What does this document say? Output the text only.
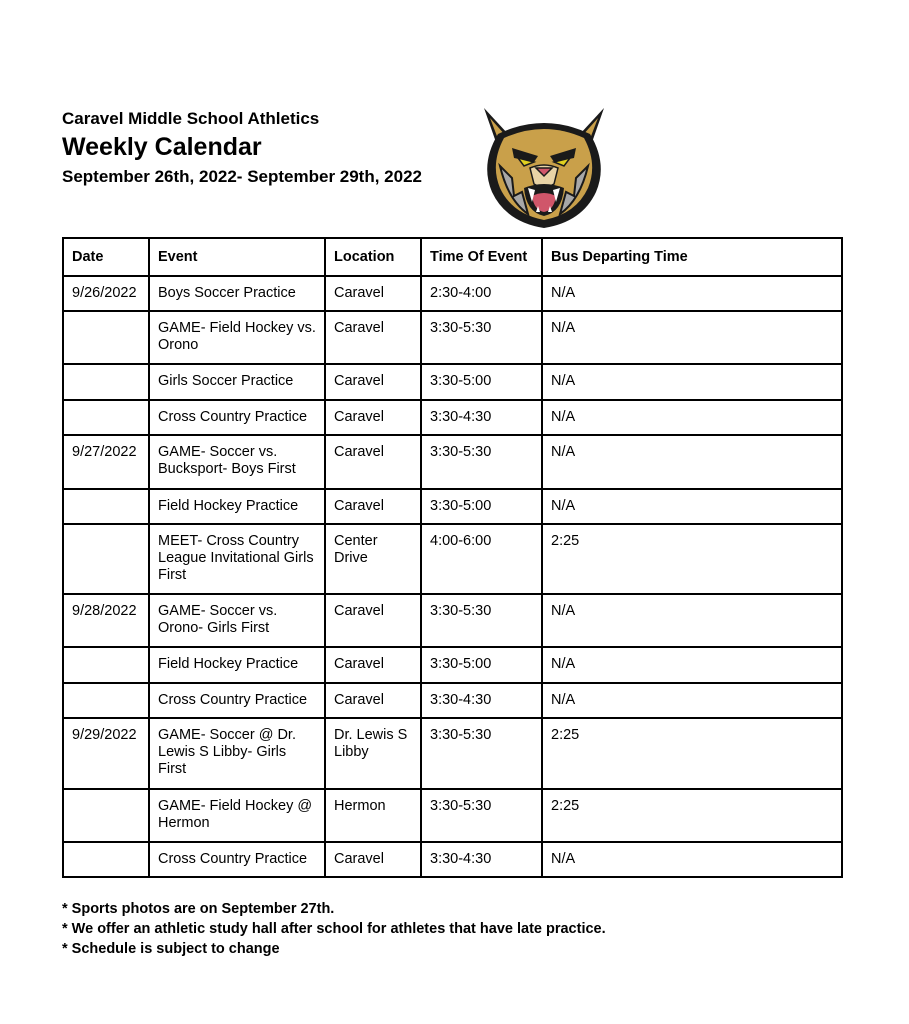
Caravel Middle School Athletics
Weekly Calendar
September 26th, 2022- September 29th, 2022
Date	Event	Location	Time Of Event	Bus Departing Time
9/26/2022	Boys Soccer Practice	Caravel	2:30-4:00	N/A
	GAME- Field Hockey vs. Orono	Caravel	3:30-5:30	N/A
	Girls Soccer Practice	Caravel	3:30-5:00	N/A
	Cross Country Practice	Caravel	3:30-4:30	N/A
9/27/2022	GAME- Soccer vs. Bucksport- Boys First	Caravel	3:30-5:30	N/A
	Field Hockey Practice	Caravel	3:30-5:00	N/A
	MEET- Cross Country League Invitational Girls First	Center Drive	4:00-6:00	2:25
9/28/2022	GAME- Soccer vs. Orono- Girls First	Caravel	3:30-5:30	N/A
	Field Hockey Practice	Caravel	3:30-5:00	N/A
	Cross Country Practice	Caravel	3:30-4:30	N/A
9/29/2022	GAME- Soccer @ Dr. Lewis S Libby- Girls First	Dr. Lewis S Libby	3:30-5:30	2:25
	GAME- Field Hockey @ Hermon	Hermon	3:30-5:30	2:25
	Cross Country Practice	Caravel	3:30-4:30	N/A
* Sports photos are on September 27th.
* We offer an athletic study hall after school for athletes that have late practice.
* Schedule is subject to change
